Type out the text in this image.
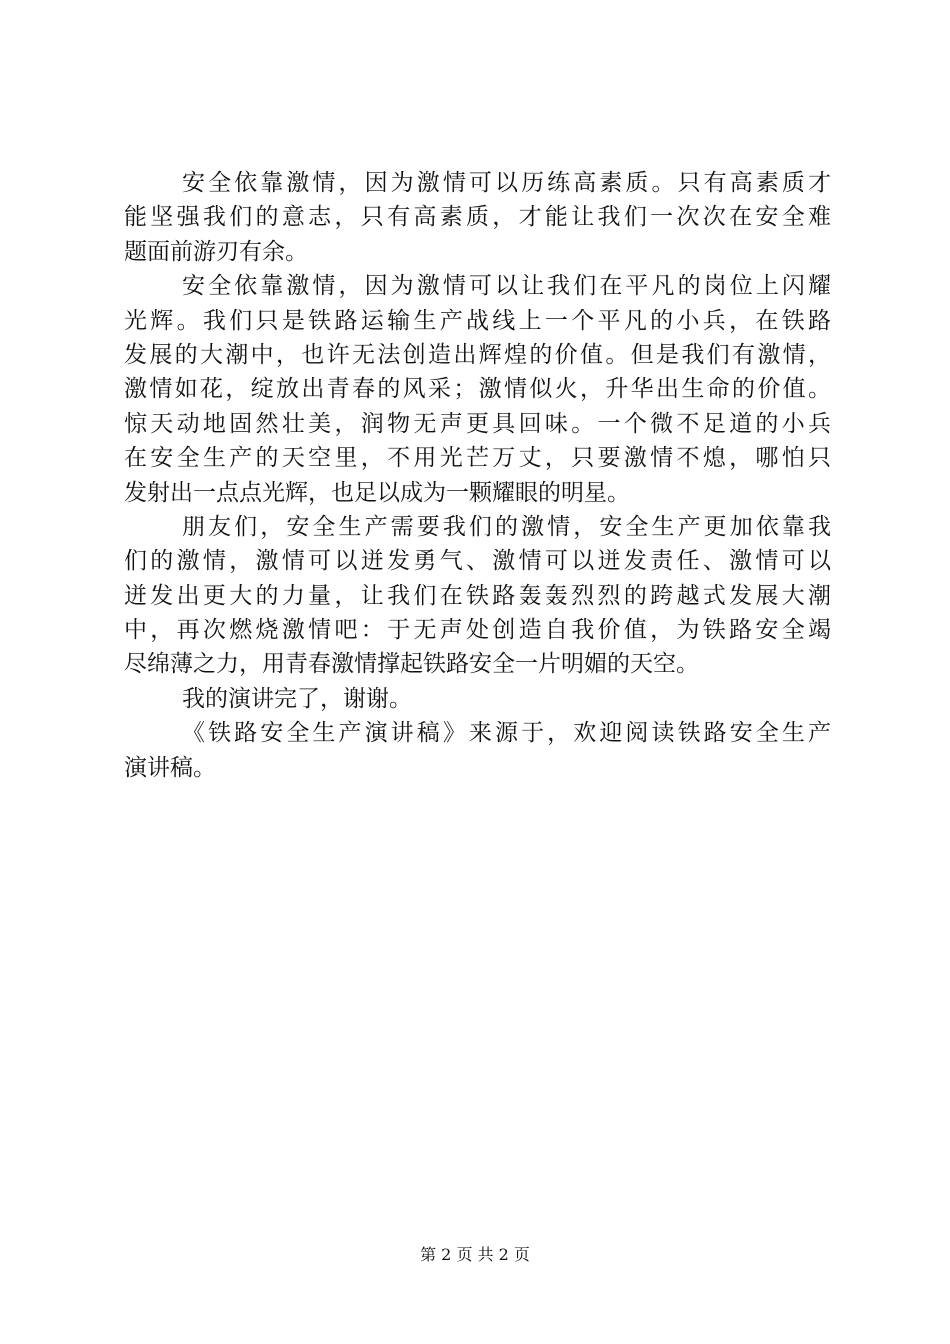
安全依靠激情，因为激情可以历练高素质。只有高素质才
能坚强我们的意志，只有高素质，才能让我们一次次在安全难
题面前游刃有余。
安全依靠激情，因为激情可以让我们在平凡的岗位上闪耀
光辉。我们只是铁路运输生产战线上一个平凡的小兵，在铁路
发展的大潮中，也许无法创造出辉煌的价值。但是我们有激情，
激情如花，绽放出青春的风采；激情似火，升华出生命的价值。
惊天动地固然壮美，润物无声更具回味。一个微不足道的小兵
在安全生产的天空里，不用光芒万丈，只要激情不熄，哪怕只
发射出一点点光辉，也足以成为一颗耀眼的明星。
朋友们，安全生产需要我们的激情，安全生产更加依靠我
们的激情，激情可以迸发勇气、激情可以迸发责任、激情可以
迸发出更大的力量，让我们在铁路轰轰烈烈的跨越式发展大潮
中，再次燃烧激情吧：于无声处创造自我价值，为铁路安全竭
尽绵薄之力，用青春激情撑起铁路安全一片明媚的天空。
我的演讲完了，谢谢。
《铁路安全生产演讲稿》来源于，欢迎阅读铁路安全生产
演讲稿。
第 2 页 共 2 页
